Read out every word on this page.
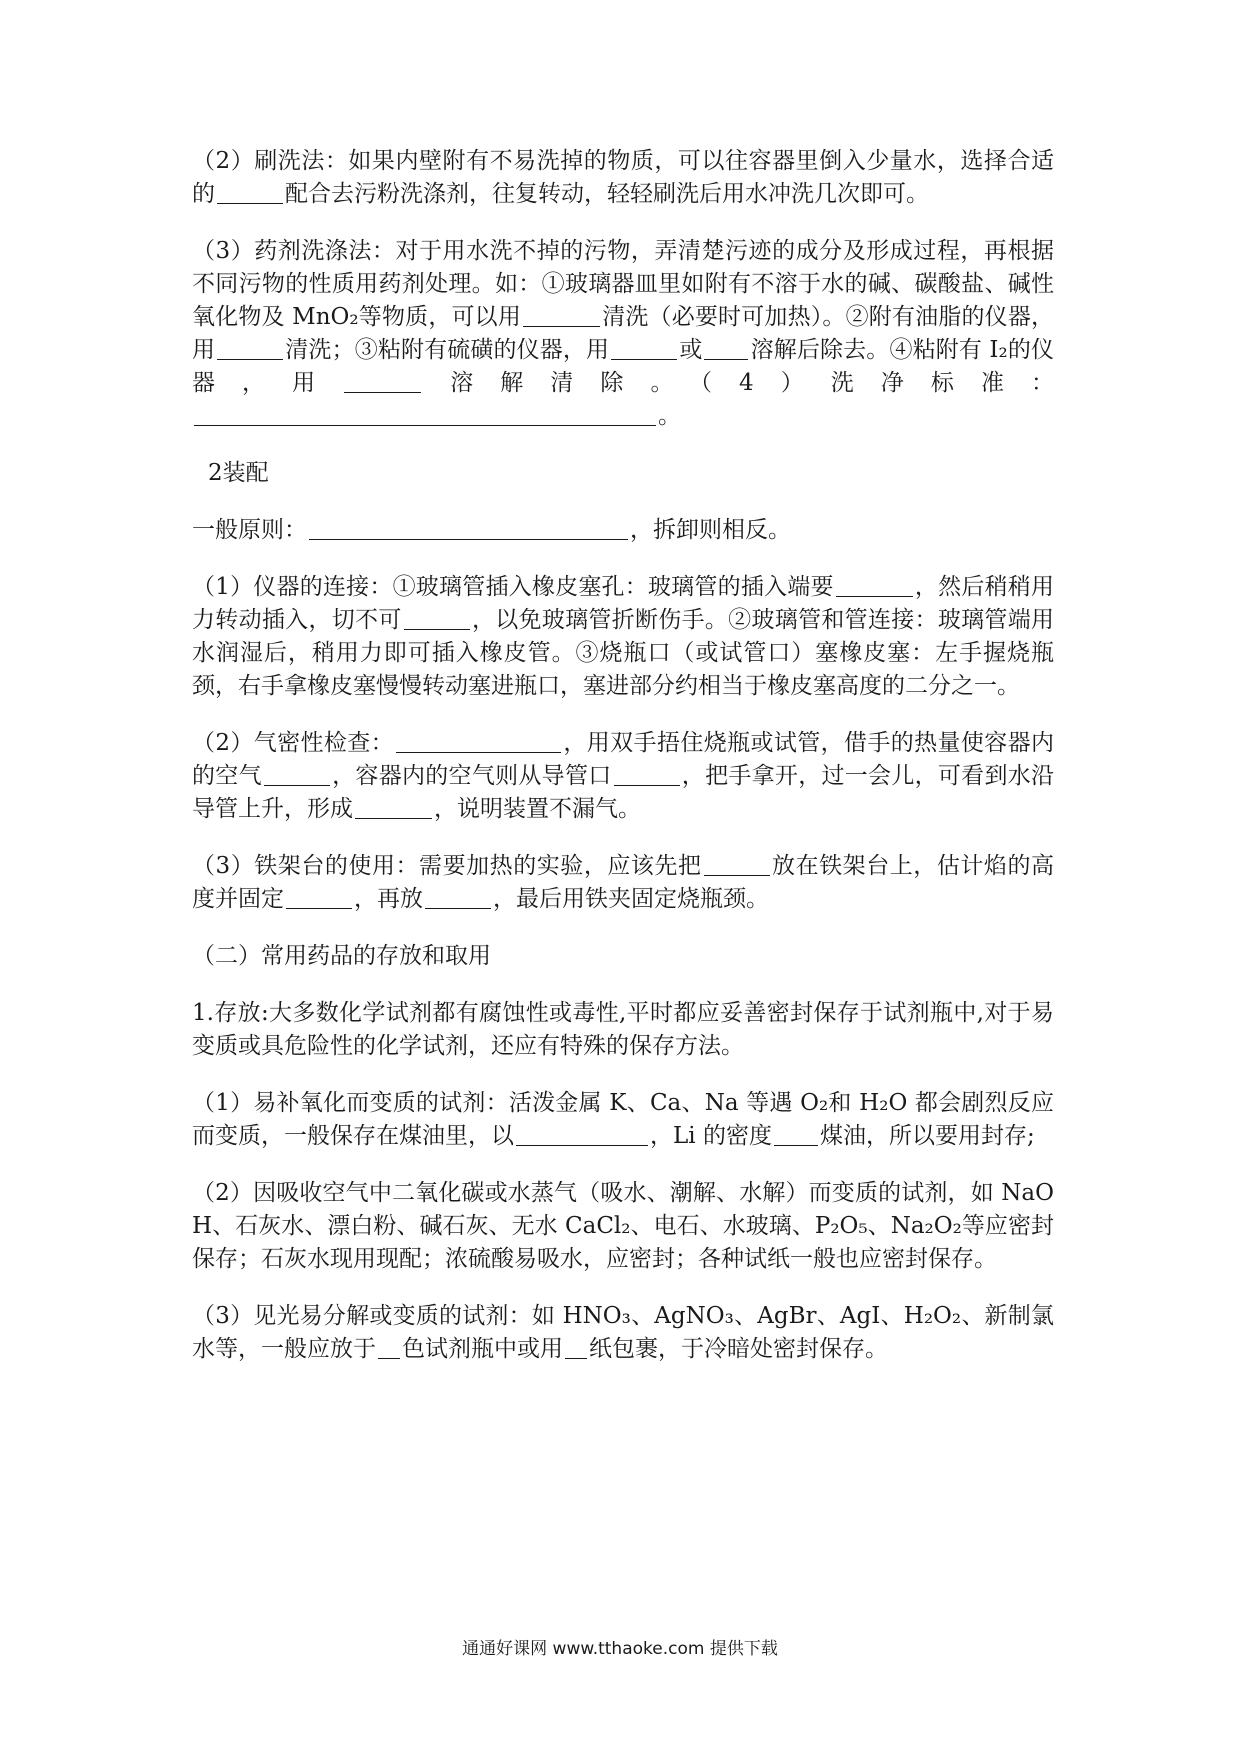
（2）刷洗法：如果内壁附有不易洗掉的物质，可以往容器里倒入少量水，选择合适的	配合去污粉洗涤剂，往复转动，轻轻刷洗后用水冲洗几次即可。

（3）药剂洗涤法：对于用水洗不掉的污物，弄清楚污迹的成分及形成过程，再根据不同污物的性质用药剂处理。如：①玻璃器皿里如附有不溶于水的碱、碳酸盐、碱性氧化物及 MnO₂等物质，可以用	清洗（必要时可加热）。②附有油脂的仪器，用	清洗；③粘附有硫磺的仪器，用	或 溶解后除去。④粘附有 I₂的仪器，用	溶解清除。（4）洗净标准：。

2装配

一般原则：	，拆卸则相反。

（1）仪器的连接：①玻璃管插入橡皮塞孔：玻璃管的插入端要	，然后稍稍用力转动插入，切不可	，以免玻璃管折断伤手。②玻璃管和管连接：玻璃管端用水润湿后，稍用力即可插入橡皮管。③烧瓶口（或试管口）塞橡皮塞：左手握烧瓶颈，右手拿橡皮塞慢慢转动塞进瓶口，塞进部分约相当于橡皮塞高度的二分之一。

（2）气密性检查：	，用双手捂住烧瓶或试管，借手的热量使容器内的空气	，容器内的空气则从导管口	，把手拿开，过一会儿，可看到水沿导管上升，形成	，说明装置不漏气。

（3）铁架台的使用：需要加热的实验，应该先把	放在铁架台上，估计焰的高度并固定	，再放	，最后用铁夹固定烧瓶颈。

（二）常用药品的存放和取用

1.存放:大多数化学试剂都有腐蚀性或毒性,平时都应妥善密封保存于试剂瓶中,对于易变质或具危险性的化学试剂，还应有特殊的保存方法。

（1）易补氧化而变质的试剂：活泼金属 K、Ca、Na 等遇 O₂和 H₂O 都会剧烈反应而变质，一般保存在煤油里，以	，Li 的密度 煤油，所以要用封存;

（2）因吸收空气中二氧化碳或水蒸气（吸水、潮解、水解）而变质的试剂，如 NaOH、石灰水、漂白粉、碱石灰、无水 CaCl₂、电石、水玻璃、P₂O₅、Na₂O₂等应密封保存；石灰水现用现配；浓硫酸易吸水，应密封；各种试纸一般也应密封保存。

（3）见光易分解或变质的试剂：如 HNO₃、AgNO₃、AgBr、AgI、H₂O₂、新制氯水等，一般应放于 色试剂瓶中或用 纸包裹，于冷暗处密封保存。

通通好课网 www.tthaoke.com 提供下载
